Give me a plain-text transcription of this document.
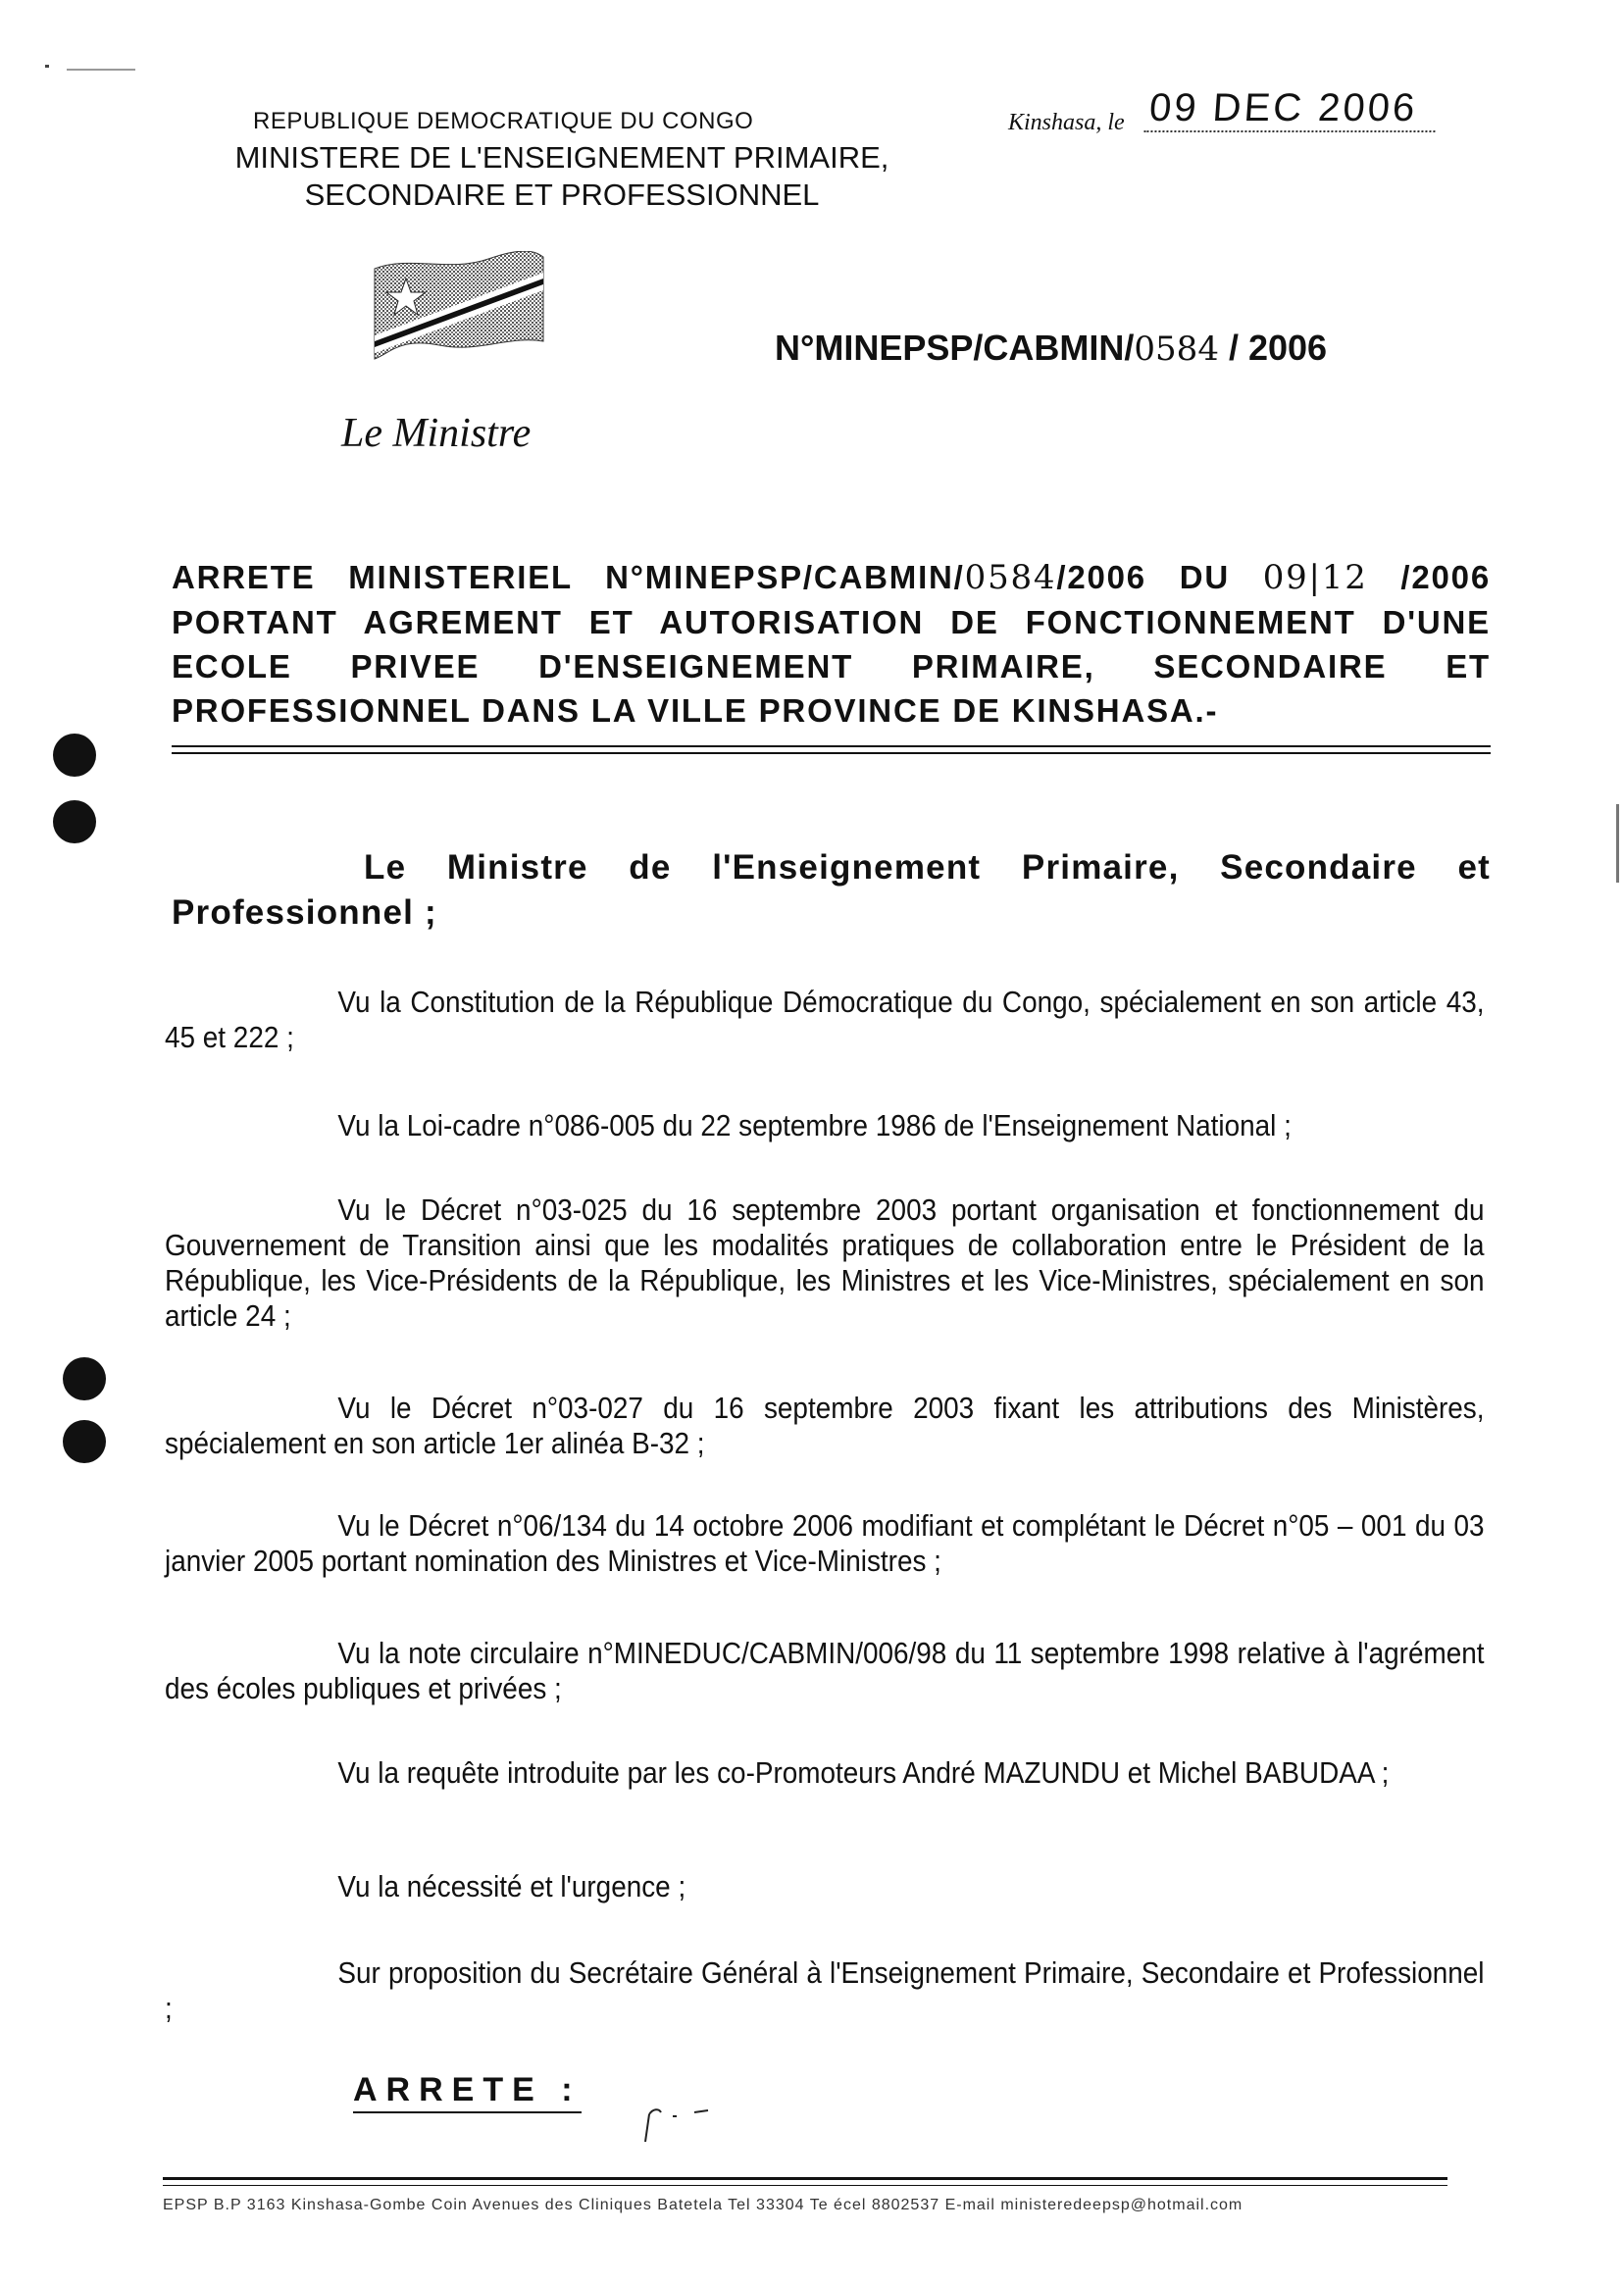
REPUBLIQUE DEMOCRATIQUE DU CONGO
MINISTERE DE L'ENSEIGNEMENT PRIMAIRE,
SECONDAIRE ET PROFESSIONNEL
Kinshasa, le 09 DEC 2006
N°MINEPSP/CABMIN/0584 / 2006
Le Ministre
ARRETE MINISTERIEL N°MINEPSP/CABMIN/0584/2006 DU 09|12 /2006
PORTANT AGREMENT ET AUTORISATION DE FONCTIONNEMENT D'UNE
ECOLE PRIVEE D'ENSEIGNEMENT PRIMAIRE, SECONDAIRE ET
PROFESSIONNEL DANS LA VILLE PROVINCE DE KINSHASA.-
Le Ministre de l'Enseignement Primaire, Secondaire et Professionnel ;
Vu la Constitution de la République Démocratique du Congo, spécialement en son article 43, 45 et 222 ;
Vu la Loi-cadre n°086-005 du 22 septembre 1986 de l'Enseignement National ;
Vu le Décret n°03-025 du 16 septembre 2003 portant organisation et fonctionnement du Gouvernement de Transition ainsi que les modalités pratiques de collaboration entre le Président de la République, les Vice-Présidents de la République, les Ministres et les Vice-Ministres, spécialement en son article 24 ;
Vu le Décret n°03-027 du 16 septembre 2003 fixant les attributions des Ministères, spécialement en son article 1er alinéa B-32 ;
Vu le Décret n°06/134 du 14 octobre 2006 modifiant et complétant le Décret n°05 – 001 du 03 janvier 2005 portant nomination des Ministres et Vice-Ministres ;
Vu la note circulaire n°MINEDUC/CABMIN/006/98 du 11 septembre 1998 relative à l'agrément des écoles publiques et privées ;
Vu la requête introduite par les co-Promoteurs André MAZUNDU et Michel BABUDAA ;
Vu la nécessité et l'urgence ;
Sur proposition du Secrétaire Général à l'Enseignement Primaire, Secondaire et Professionnel ;
ARRETE :
EPSP B.P 3163 Kinshasa-Gombe Coin Avenues des Cliniques Batetela Tel 33304 Te écel 8802537 E-mail ministeredeepsp@hotmail.com
